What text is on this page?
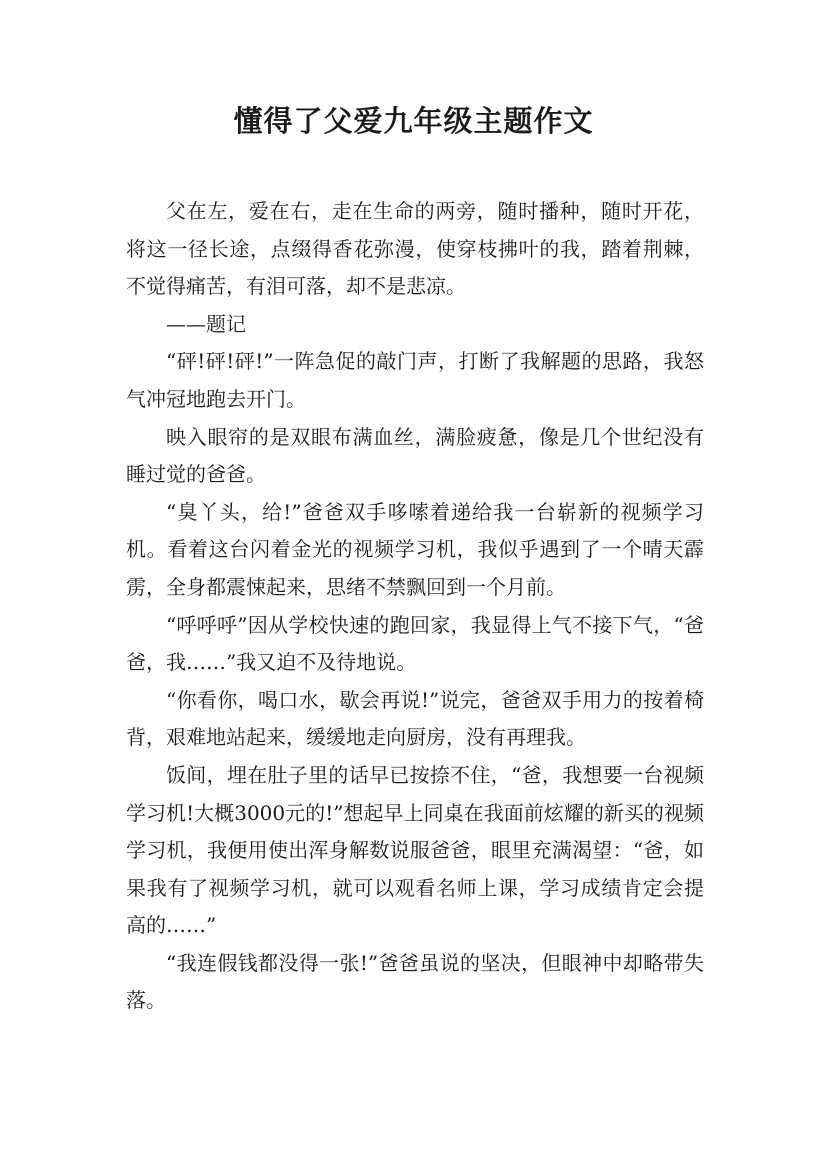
懂得了父爱九年级主题作文

父在左，爱在右，走在生命的两旁，随时播种，随时开花，将这一径长途，点缀得香花弥漫，使穿枝拂叶的我，踏着荆棘，不觉得痛苦，有泪可落，却不是悲凉。

——题记

“砰!砰!砰!”一阵急促的敲门声，打断了我解题的思路，我怒气冲冠地跑去开门。

映入眼帘的是双眼布满血丝，满脸疲惫，像是几个世纪没有睡过觉的爸爸。

“臭丫头，给!”爸爸双手哆嗦着递给我一台崭新的视频学习机。看着这台闪着金光的视频学习机，我似乎遇到了一个晴天霹雳，全身都震悚起来，思绪不禁飘回到一个月前。

“呼呼呼”因从学校快速的跑回家，我显得上气不接下气，“爸爸，我……”我又迫不及待地说。

“你看你，喝口水，歇会再说!”说完，爸爸双手用力的按着椅背，艰难地站起来，缓缓地走向厨房，没有再理我。

饭间，埋在肚子里的话早已按捺不住，“爸，我想要一台视频学习机!大概3000元的!”想起早上同桌在我面前炫耀的新买的视频学习机，我便用使出浑身解数说服爸爸，眼里充满渴望：“爸，如果我有了视频学习机，就可以观看名师上课，学习成绩肯定会提高的……”

“我连假钱都没得一张!”爸爸虽说的坚决，但眼神中却略带失落。
